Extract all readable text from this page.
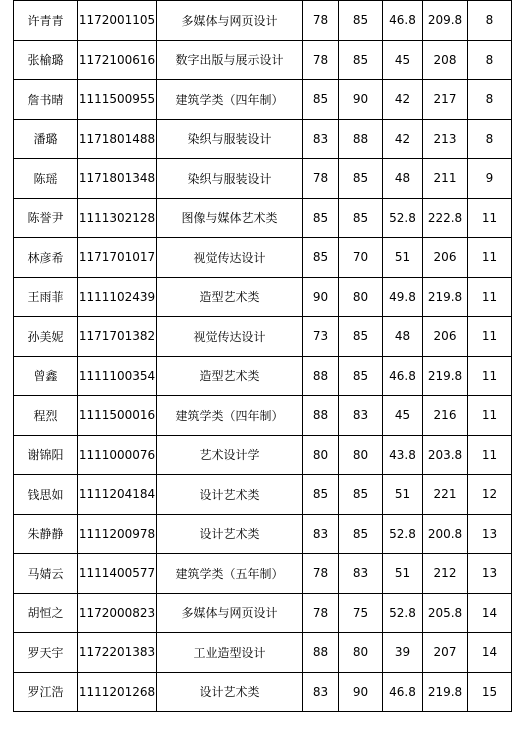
许青青	1172001105	多媒体与网页设计	78	85	46.8	209.8	8
张榆璐	1172100616	数字出版与展示设计	78	85	45	208	8
詹书晴	1111500955	建筑学类（四年制）	85	90	42	217	8
潘璐	1171801488	染织与服装设计	83	88	42	213	8
陈瑶	1171801348	染织与服装设计	78	85	48	211	9
陈誉尹	1111302128	图像与媒体艺术类	85	85	52.8	222.8	11
林彦希	1171701017	视觉传达设计	85	70	51	206	11
王雨菲	1111102439	造型艺术类	90	80	49.8	219.8	11
孙美妮	1171701382	视觉传达设计	73	85	48	206	11
曾鑫	1111100354	造型艺术类	88	85	46.8	219.8	11
程烈	1111500016	建筑学类（四年制）	88	83	45	216	11
谢锦阳	1111000076	艺术设计学	80	80	43.8	203.8	11
钱思如	1111204184	设计艺术类	85	85	51	221	12
朱静静	1111200978	设计艺术类	83	85	52.8	200.8	13
马婧云	1111400577	建筑学类（五年制）	78	83	51	212	13
胡恒之	1172000823	多媒体与网页设计	78	75	52.8	205.8	14
罗天宇	1172201383	工业造型设计	88	80	39	207	14
罗江浩	1111201268	设计艺术类	83	90	46.8	219.8	15
